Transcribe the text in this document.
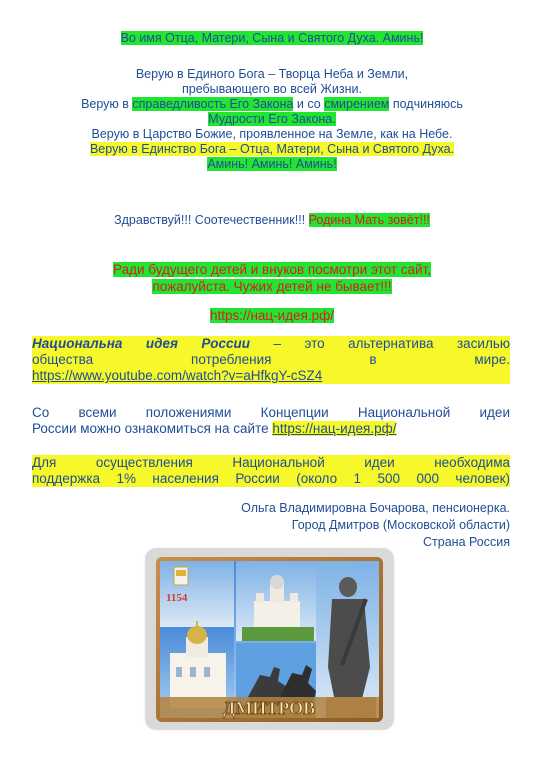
Во имя Отца, Матери, Сына и Святого Духа. Аминь!
Верую в Единого Бога – Творца Неба и Земли,
пребывающего во всей Жизни.
Верую в справедливость Его Закона и со смирением подчиняюсь
Мудрости Его Закона.
Верую в Царство Божие, проявленное на Земле, как на Небе.
Верую в Единство Бога – Отца, Матери, Сына и Святого Духа.
Аминь! Аминь! Аминь!
Здравствуй!!! Соотечественник!!! Родина Мать зовёт!!!
Ради будущего детей и внуков посмотри этот сайт,
пожалуйста. Чужих детей не бывает!!!
https://нац-идея.рф/
Национальна идея России – это альтернатива засилью
общества потребления в мире.
https://www.youtube.com/watch?v=aHfkgY-cSZ4
Со всеми положениями Концепции Национальной идеи
России можно ознакомиться на сайте https://нац-идея.рф/
Для осуществления Национальной идеи необходима
поддержка 1% населения России (около 1 500 000 человек)
Ольга Владимировна Бочарова, пенсионерка.
Город Дмитров (Московской области)
Страна Россия
1154
ДМИТРОВ
